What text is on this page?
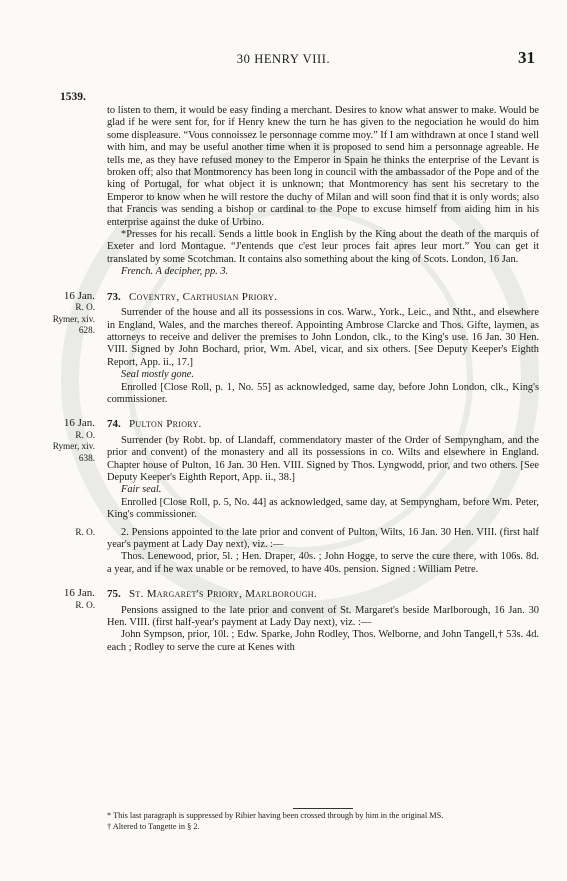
30 HENRY VIII.	31
1539.

to listen to them, it would be easy finding a merchant. Desires to know what answer to make. Would be glad if he were sent for, for if Henry knew the turn he has given to the negociation he would do him some displeasure. “Vous connoissez le personnage comme moy.” If I am withdrawn at once I stand well with him, and may be useful another time when it is proposed to send him a personnage agreable. He tells me, as they have refused money to the Emperor in Spain he thinks the enterprise of the Levant is broken off; also that Montmorency has been long in council with the ambassador of the Pope and of the king of Portugal, for what object it is unknown; that Montmorency has sent his secretary to the Emperor to know when he will restore the duchy of Milan and will soon find that it is only words; also that Francis was sending a bishop or cardinal to the Pope to excuse himself from aiding him in his enterprise against the duke of Urbino.

*Presses for his recall. Sends a little book in English by the King about the death of the marquis of Exeter and lord Montague. “J'entends que c'est leur proces fait apres leur mort.” You can get it translated by some Scotchman. It contains also something about the king of Scots. London, 16 Jan.

French. A decipher, pp. 3.

16 Jan.
R. O.
Rymer, xiv.
628.
73. Coventry, Carthusian Priory.

Surrender of the house and all its possessions in cos. Warw., York., Leic., and Ntht., and elsewhere in England, Wales, and the marches thereof. Appointing Ambrose Clarcke and Thos. Gifte, laymen, as attorneys to receive and deliver the premises to John London, clk., to the King's use. 16 Jan. 30 Hen. VIII. Signed by John Bochard, prior, Wm. Abel, vicar, and six others. [See Deputy Keeper's Eighth Report, App. ii., 17.]

Seal mostly gone.

Enrolled [Close Roll, p. 1, No. 55] as acknowledged, same day, before John London, clk., King's commissioner.

16 Jan.
R. O.
Rymer, xiv.
638.
74. Pulton Priory.

Surrender (by Robt. bp. of Llandaff, commendatory master of the Order of Sempyngham, and the prior and convent) of the monastery and all its possessions in co. Wilts and elsewhere in England. Chapter house of Pulton, 16 Jan. 30 Hen. VIII. Signed by Thos. Lyngwodd, prior, and two others. [See Deputy Keeper's Eighth Report, App. ii., 38.]

Fair seal.

Enrolled [Close Roll, p. 5, No. 44] as acknowledged, same day, at Sempyngham, before Wm. Peter, King's commissioner.

R. O.	2. Pensions appointed to the late prior and convent of Pulton, Wilts, 16 Jan. 30 Hen. VIII. (first half year's payment at Lady Day next), viz. :—

Thos. Lenewood, prior, 5l. ; Hen. Draper, 40s. ; John Hogge, to serve the cure there, with 106s. 8d. a year, and if he wax unable or be removed, to have 40s. pension. Signed : William Petre.

16 Jan.
R. O.
75. St. Margaret's Priory, Marlborough.

Pensions assigned to the late prior and convent of St. Margaret's beside Marlborough, 16 Jan. 30 Hen. VIII. (first half-year's payment at Lady Day next), viz. :—

John Sympson, prior, 10l. ; Edw. Sparke, John Rodley, Thos. Welborne, and John Tangell,† 53s. 4d. each ; Rodley to serve the cure at Kenes with

* This last paragraph is suppressed by Ribier having been crossed through by him in the original MS.

† Altered to Tangette in § 2.
